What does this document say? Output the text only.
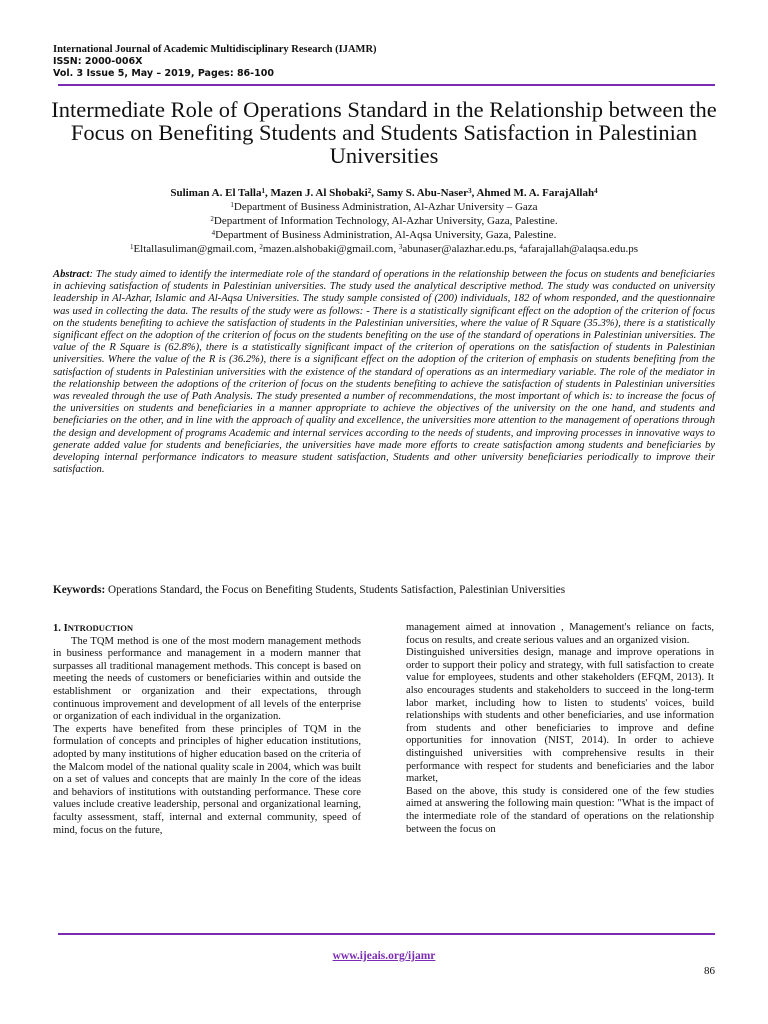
International Journal of Academic Multidisciplinary Research (IJAMR)
ISSN: 2000-006X
Vol. 3 Issue 5, May – 2019, Pages: 86-100
Intermediate Role of Operations Standard in the Relationship between the Focus on Benefiting Students and Students Satisfaction in Palestinian Universities
Suliman A. El Talla$^1$, Mazen J. Al Shobaki$^2$, Samy S. Abu-Naser$^3$, Ahmed M. A. FarajAllah$^4$
$^1$Department of Business Administration, Al-Azhar University – Gaza
$^2$Department of Information Technology, Al-Azhar University, Gaza, Palestine.
$^4$Department of Business Administration, Al-Aqsa University, Gaza, Palestine.
$^1$Eltallasuliman@gmail.com, $^2$mazen.alshobaki@gmail.com, $^3$abunaser@alazhar.edu.ps, $^4$afarajallah@alaqsa.edu.ps

Abstract: The study aimed to identify the intermediate role of the standard of operations in the relationship between the focus on students and beneficiaries in achieving satisfaction of students in Palestinian universities. The study used the analytical descriptive method. The study was conducted on university leadership in Al-Azhar, Islamic and Al-Aqsa Universities. The study sample consisted of (200) individuals, 182 of whom responded, and the questionnaire was used in collecting the data. The results of the study were as follows: - There is a statistically significant effect on the adoption of the criterion of focus on the students benefiting to achieve the satisfaction of students in the Palestinian universities, where the value of R Square (35.3%), there is a statistically significant effect on the adoption of the criterion of focus on the students benefiting on the use of the standard of operations in Palestinian universities. The value of the R Square is (62.8%), there is a statistically significant impact of the criterion of operations on the satisfaction of students in Palestinian universities. Where the value of the R is (36.2%), there is a significant effect on the adoption of the criterion of emphasis on students benefiting from the satisfaction of students in Palestinian universities with the existence of the standard of operations as an intermediary variable. The role of the mediator in the relationship between the adoptions of the criterion of focus on the students benefiting to achieve the satisfaction of students in Palestinian universities was revealed through the use of Path Analysis. The study presented a number of recommendations, the most important of which is: to increase the focus of the universities on students and beneficiaries in a manner appropriate to achieve the objectives of the university on the one hand, and students and beneficiaries on the other, and in line with the approach of quality and excellence, the universities more attention to the management of operations through the design and development of programs Academic and internal services according to the needs of students, and improving processes in innovative ways to generate added value for students and beneficiaries, the universities have made more efforts to create satisfaction among students and beneficiaries by developing internal performance indicators to measure student satisfaction, Students and other university beneficiaries periodically to improve their satisfaction.

Keywords: Operations Standard, the Focus on Benefiting Students, Students Satisfaction, Palestinian Universities

1. INTRODUCTION

The TQM method is one of the most modern management methods in business performance and management in a modern manner that surpasses all traditional management methods. This concept is based on meeting the needs of customers or beneficiaries within and outside the establishment or organization and their expectations, through continuous improvement and development of all levels of the enterprise or organization of each individual in the organization.

The experts have benefited from these principles of TQM in the formulation of concepts and principles of higher education institutions, adopted by many institutions of higher education based on the criteria of the Malcom model of the national quality scale in 2004, which was built on a set of values and concepts that are mainly In the core of the ideas and behaviors of institutions with outstanding performance. These core values include creative leadership, personal and organizational learning, faculty assessment, staff, internal and external community, speed of mind, focus on the future,

management aimed at innovation , Management's reliance on facts, focus on results, and create serious values and an organized vision.

Distinguished universities design, manage and improve operations in order to support their policy and strategy, with full satisfaction to create value for employees, students and other stakeholders (EFQM, 2013). It also encourages students and stakeholders to succeed in the long-term labor market, including how to listen to students' voices, build relationships with students and other beneficiaries, and use information from students and other beneficiaries to improve and define opportunities for innovation (NIST, 2014). In order to achieve distinguished universities with comprehensive results in their performance with respect for students and beneficiaries and the labor market,

Based on the above, this study is considered one of the few studies aimed at answering the following main question: "What is the impact of the intermediate role of the standard of operations on the relationship between the focus on

www.ijeais.org/ijamr
86
